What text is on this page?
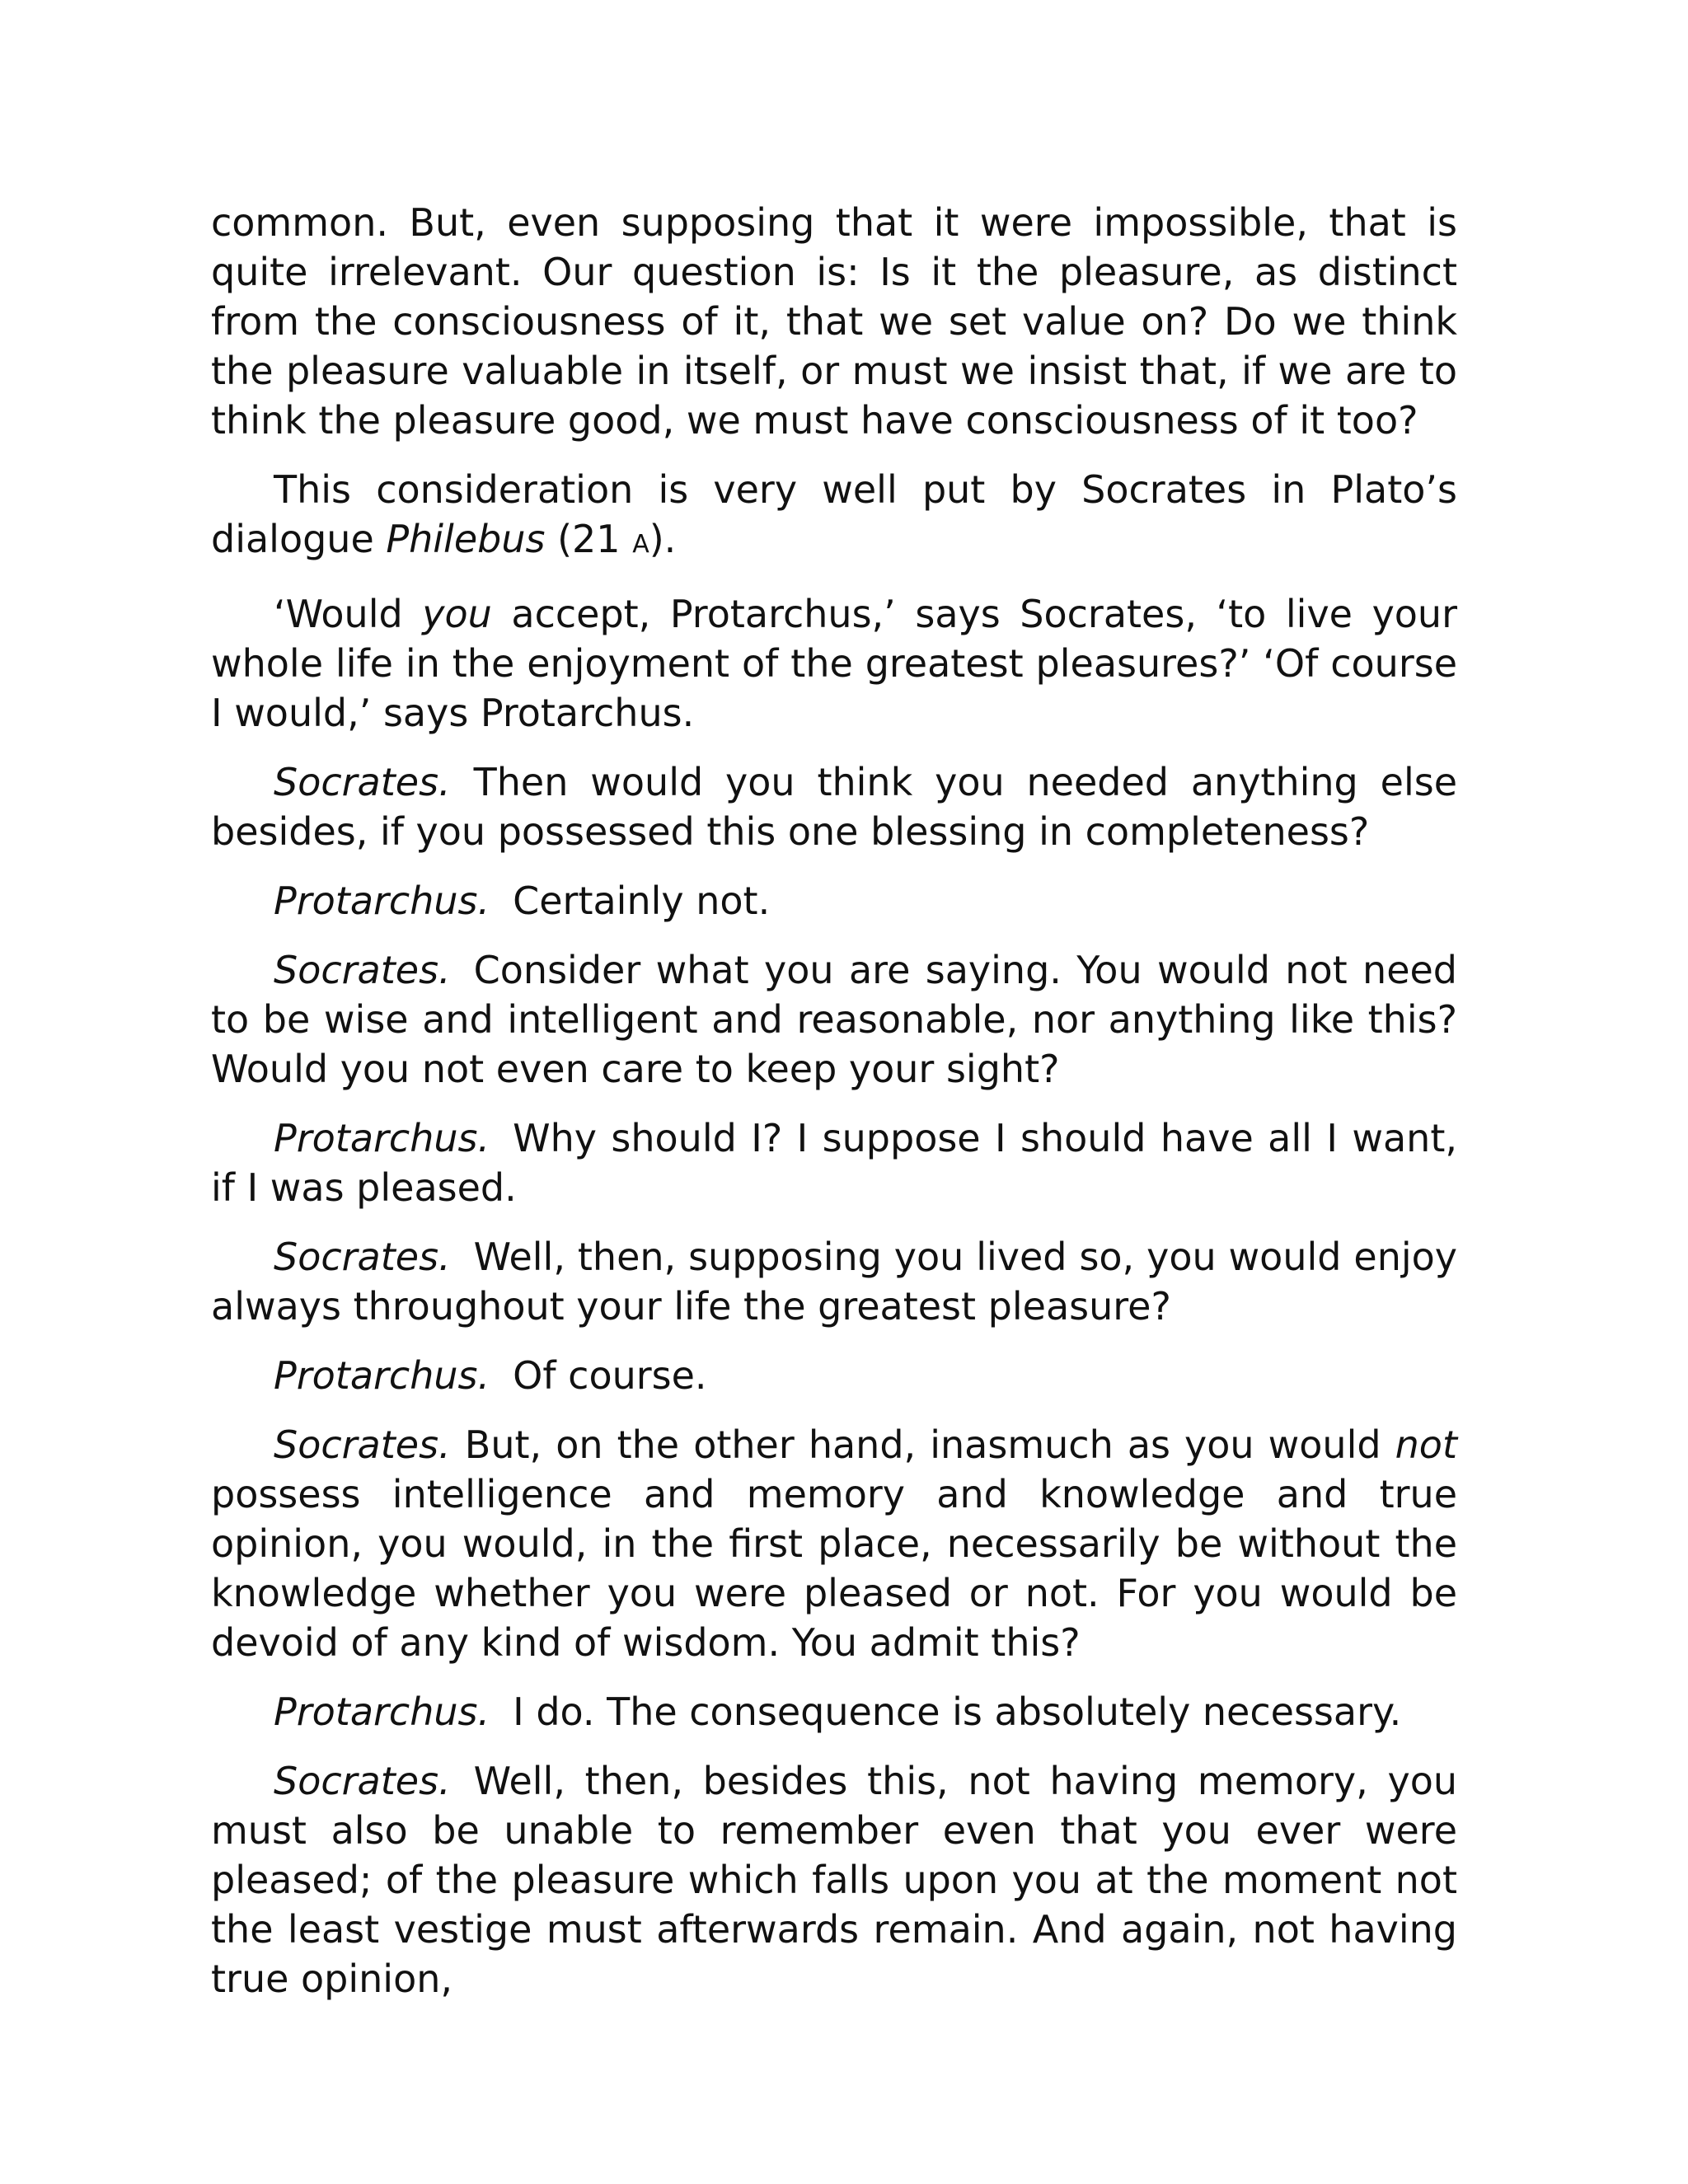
common. But, even supposing that it were impossible, that is quite irrelevant. Our question is: Is it the pleasure, as distinct from the consciousness of it, that we set value on? Do we think the pleasure valuable in itself, or must we insist that, if we are to think the pleasure good, we must have consciousness of it too?

This consideration is very well put by Socrates in Plato’s dialogue Philebus (21 A).

‘Would you accept, Protarchus,’ says Socrates, ‘to live your whole life in the enjoyment of the greatest pleasures?’ ‘Of course I would,’ says Protarchus.

Socrates. Then would you think you needed anything else besides, if you possessed this one blessing in completeness?

Protarchus. Certainly not.

Socrates. Consider what you are saying. You would not need to be wise and intelligent and reasonable, nor anything like this? Would you not even care to keep your sight?

Protarchus. Why should I? I suppose I should have all I want, if I was pleased.

Socrates. Well, then, supposing you lived so, you would enjoy always throughout your life the greatest pleasure?

Protarchus. Of course.

Socrates. But, on the other hand, inasmuch as you would not possess intelligence and memory and knowledge and true opinion, you would, in the first place, necessarily be without the knowledge whether you were pleased or not. For you would be devoid of any kind of wisdom. You admit this?

Protarchus. I do. The consequence is absolutely necessary.

Socrates. Well, then, besides this, not having memory, you must also be unable to remember even that you ever were pleased; of the pleasure which falls upon you at the moment not the least vestige must afterwards remain. And again, not having true opinion,
